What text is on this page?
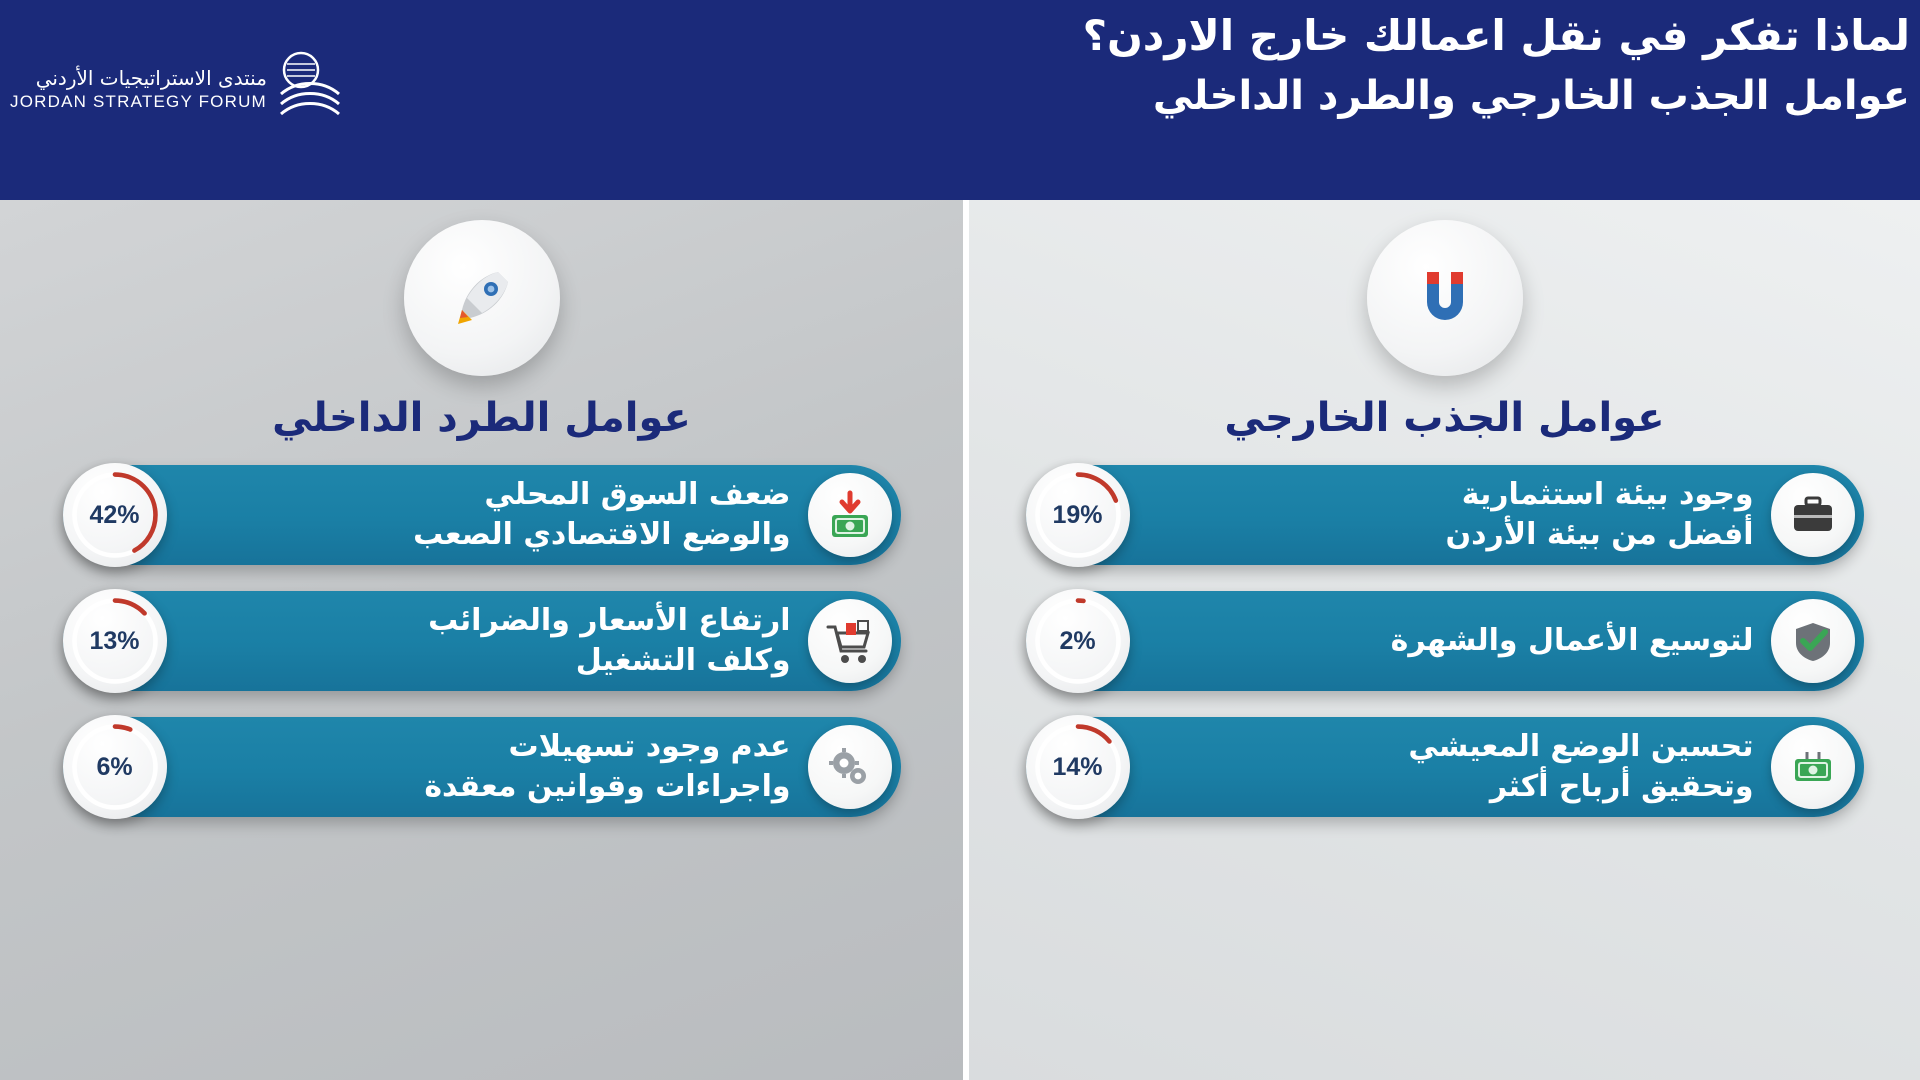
منتدى الاستراتيجيات الأردني
JORDAN STRATEGY FORUM
لماذا تفكر في نقل اعمالك خارج الاردن؟
عوامل الجذب الخارجي والطرد الداخلي
عوامل الطرد الداخلي
ضعف السوق المحلي
والوضع الاقتصادي الصعب
42%
ارتفاع الأسعار والضرائب
وكلف التشغيل
13%
عدم وجود تسهيلات
واجراءات وقوانين معقدة
6%
عوامل الجذب الخارجي
وجود بيئة استثمارية
أفضل من بيئة الأردن
19%
لتوسيع الأعمال والشهرة
2%
تحسين الوضع المعيشي
وتحقيق أرباح أكثر
14%
